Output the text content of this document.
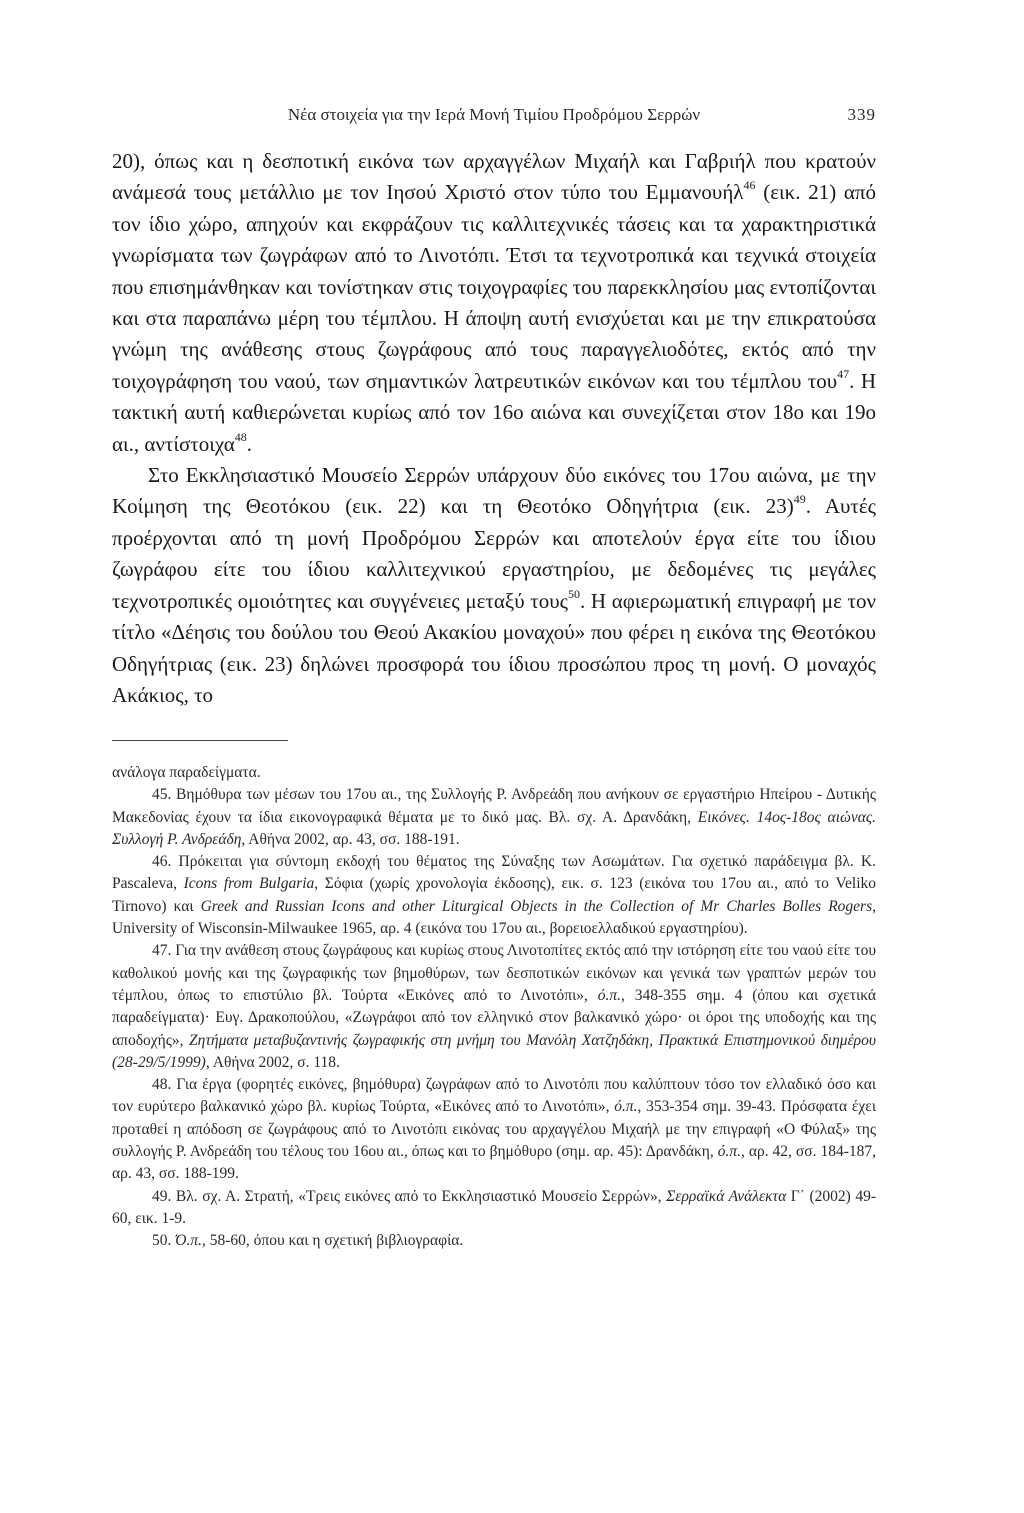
Νέα στοιχεία για την Ιερά Μονή Τιμίου Προδρόμου Σερρών	339

20), όπως και η δεσποτική εικόνα των αρχαγγέλων Μιχαήλ και Γαβριήλ που κρατούν ανάμεσά τους μετάλλιο με τον Ιησού Χριστό στον τύπο του Εμμανουήλ$^{46}$ (εικ. 21) από τον ίδιο χώρο, απηχούν και εκφράζουν τις καλλιτεχνικές τάσεις και τα χαρακτηριστικά γνωρίσματα των ζωγράφων από το Λινοτόπι. Έτσι τα τεχνοτροπικά και τεχνικά στοιχεία που επισημάνθηκαν και τονίστηκαν στις τοιχογραφίες του παρεκκλησίου μας εντοπίζονται και στα παραπάνω μέρη του τέμπλου. Η άποψη αυτή ενισχύεται και με την επικρατούσα γνώμη της ανάθεσης στους ζωγράφους από τους παραγγελιοδότες, εκτός από την τοιχογράφηση του ναού, των σημαντικών λατρευτικών εικόνων και του τέμπλου του$^{47}$. Η τακτική αυτή καθιερώνεται κυρίως από τον 16ο αιώνα και συνεχίζεται στον 18ο και 19ο αι., αντίστοιχα$^{48}$.

Στο Εκκλησιαστικό Μουσείο Σερρών υπάρχουν δύο εικόνες του 17ου αιώνα, με την Κοίμηση της Θεοτόκου (εικ. 22) και τη Θεοτόκο Οδηγήτρια (εικ. 23)$^{49}$. Αυτές προέρχονται από τη μονή Προδρόμου Σερρών και αποτελούν έργα είτε του ίδιου ζωγράφου είτε του ίδιου καλλιτεχνικού εργαστηρίου, με δεδομένες τις μεγάλες τεχνοτροπικές ομοιότητες και συγγένειες μεταξύ τους$^{50}$. Η αφιερωματική επιγραφή με τον τίτλο «Δέησις του δούλου του Θεού Ακακίου μοναχού» που φέρει η εικόνα της Θεοτόκου Οδηγήτριας (εικ. 23) δηλώνει προσφορά του ίδιου προσώπου προς τη μονή. Ο μοναχός Ακάκιος, το

ανάλογα παραδείγματα.

45. Βημόθυρα των μέσων του 17ου αι., της Συλλογής Ρ. Ανδρεάδη που ανήκουν σε εργαστήριο Ηπείρου - Δυτικής Μακεδονίας έχουν τα ίδια εικονογραφικά θέματα με το δικό μας. Βλ. σχ. Α. Δρανδάκη, Εικόνες. 14ος-18ος αιώνας. Συλλογή Ρ. Ανδρεάδη, Αθήνα 2002, αρ. 43, σσ. 188-191.

46. Πρόκειται για σύντομη εκδοχή του θέματος της Σύναξης των Ασωμάτων. Για σχετικό παράδειγμα βλ. K. Pascaleva, Icons from Bulgaria, Σόφια (χωρίς χρονολογία έκδοσης), εικ. σ. 123 (εικόνα του 17ου αι., από το Veliko Tirnovo) και Greek and Russian Icons and other Liturgical Objects in the Collection of Mr Charles Bolles Rogers, University of Wisconsin-Milwaukee 1965, αρ. 4 (εικόνα του 17ου αι., βορειοελλαδικού εργαστηρίου).

47. Για την ανάθεση στους ζωγράφους και κυρίως στους Λινοτοπίτες εκτός από την ιστόρηση είτε του ναού είτε του καθολικού μονής και της ζωγραφικής των βημοθύρων, των δεσποτικών εικόνων και γενικά των γραπτών μερών του τέμπλου, όπως το επιστύλιο βλ. Τούρτα «Εικόνες από το Λινοτόπι», ό.π., 348-355 σημ. 4 (όπου και σχετικά παραδείγματα)· Ευγ. Δρακοπούλου, «Ζωγράφοι από τον ελληνικό στον βαλκανικό χώρο· οι όροι της υποδοχής και της αποδοχής», Ζητήματα μεταβυζαντινής ζωγραφικής στη μνήμη του Μανόλη Χατζηδάκη, Πρακτικά Επιστημονικού διημέρου (28-29/5/1999), Αθήνα 2002, σ. 118.

48. Για έργα (φορητές εικόνες, βημόθυρα) ζωγράφων από το Λινοτόπι που καλύπτουν τόσο τον ελλαδικό όσο και τον ευρύτερο βαλκανικό χώρο βλ. κυρίως Τούρτα, «Εικόνες από το Λινοτόπι», ό.π., 353-354 σημ. 39-43. Πρόσφατα έχει προταθεί η απόδοση σε ζωγράφους από το Λινοτόπι εικόνας του αρχαγγέλου Μιχαήλ με την επιγραφή «Ο Φύλαξ» της συλλογής Ρ. Ανδρεάδη του τέλους του 16ου αι., όπως και το βημόθυρο (σημ. αρ. 45): Δρανδάκη, ό.π., αρ. 42, σσ. 184-187, αρ. 43, σσ. 188-199.

49. Βλ. σχ. Α. Στρατή, «Τρεις εικόνες από το Εκκλησιαστικό Μουσείο Σερρών», Σερραϊκά Ανάλεκτα Γ΄ (2002) 49-60, εικ. 1-9.

50. Ό.π., 58-60, όπου και η σχετική βιβλιογραφία.
